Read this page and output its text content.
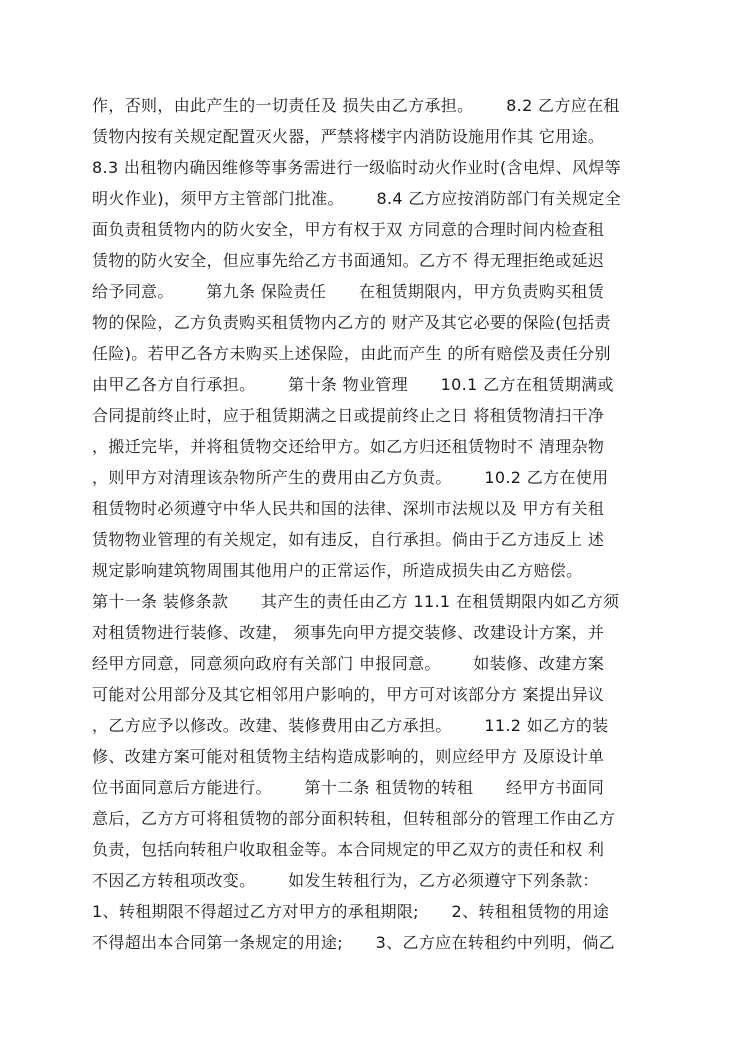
作，否则，由此产生的一切责任及 损失由乙方承担。      8.2 乙方应在租
赁物内按有关规定配置灭火器，严禁将楼宇内消防设施用作其 它用途。
8.3 出租物内确因维修等事务需进行一级临时动火作业时(含电焊、风焊等
明火作业)，须甲方主管部门批准。      8.4 乙方应按消防部门有关规定全
面负责租赁物内的防火安全，甲方有权于双 方同意的合理时间内检查租
赁物的防火安全，但应事先给乙方书面通知。乙方不 得无理拒绝或延迟
给予同意。      第九条 保险责任      在租赁期限内，甲方负责购买租赁
物的保险，乙方负责购买租赁物内乙方的 财产及其它必要的保险(包括责
任险)。若甲乙各方未购买上述保险，由此而产生 的所有赔偿及责任分别
由甲乙各方自行承担。      第十条 物业管理      10.1 乙方在租赁期满或
合同提前终止时，应于租赁期满之日或提前终止之日 将租赁物清扫干净
，搬迁完毕，并将租赁物交还给甲方。如乙方归还租赁物时不 清理杂物
，则甲方对清理该杂物所产生的费用由乙方负责。      10.2 乙方在使用
租赁物时必须遵守中华人民共和国的法律、深圳市法规以及 甲方有关租
赁物物业管理的有关规定，如有违反，自行承担。倘由于乙方违反上 述
规定影响建筑物周围其他用户的正常运作，所造成损失由乙方赔偿。
第十一条 装修条款      其产生的责任由乙方 11.1 在租赁期限内如乙方须
对租赁物进行装修、改建， 须事先向甲方提交装修、改建设计方案，并
经甲方同意，同意须向政府有关部门 申报同意。      如装修、改建方案
可能对公用部分及其它相邻用户影响的，甲方可对该部分方 案提出异议
，乙方应予以修改。改建、装修费用由乙方承担。      11.2 如乙方的装
修、改建方案可能对租赁物主结构造成影响的，则应经甲方 及原设计单
位书面同意后方能进行。      第十二条 租赁物的转租      经甲方书面同
意后，乙方方可将租赁物的部分面积转租，但转租部分的管理工作由乙方
负责，包括向转租户收取租金等。本合同规定的甲乙双方的责任和权 利
不因乙方转租项改变。      如发生转租行为，乙方必须遵守下列条款：
1、转租期限不得超过乙方对甲方的承租期限;      2、转租租赁物的用途
不得超出本合同第一条规定的用途;      3、乙方应在转租约中列明，倘乙
